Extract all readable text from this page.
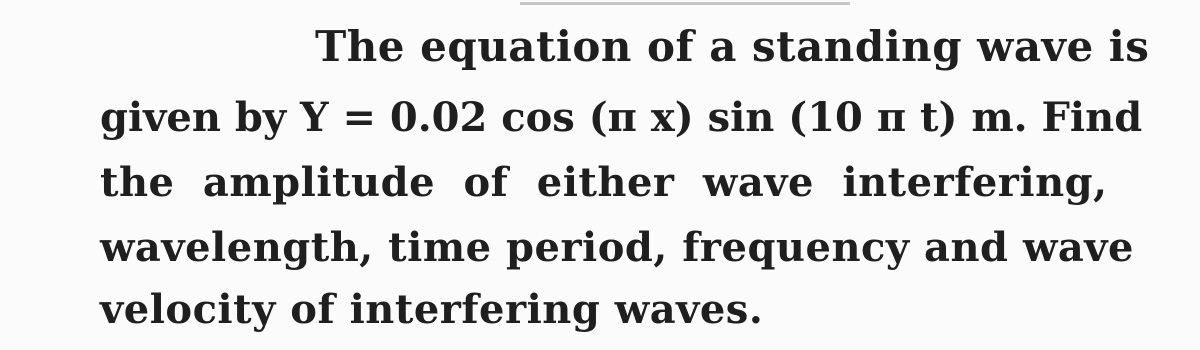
The equation of a standing wave is
given by Y = 0.02 cos (π x) sin (10 π t) m. Find
the amplitude of either wave interfering,
wavelength, time period, frequency and wave
velocity of interfering waves.
